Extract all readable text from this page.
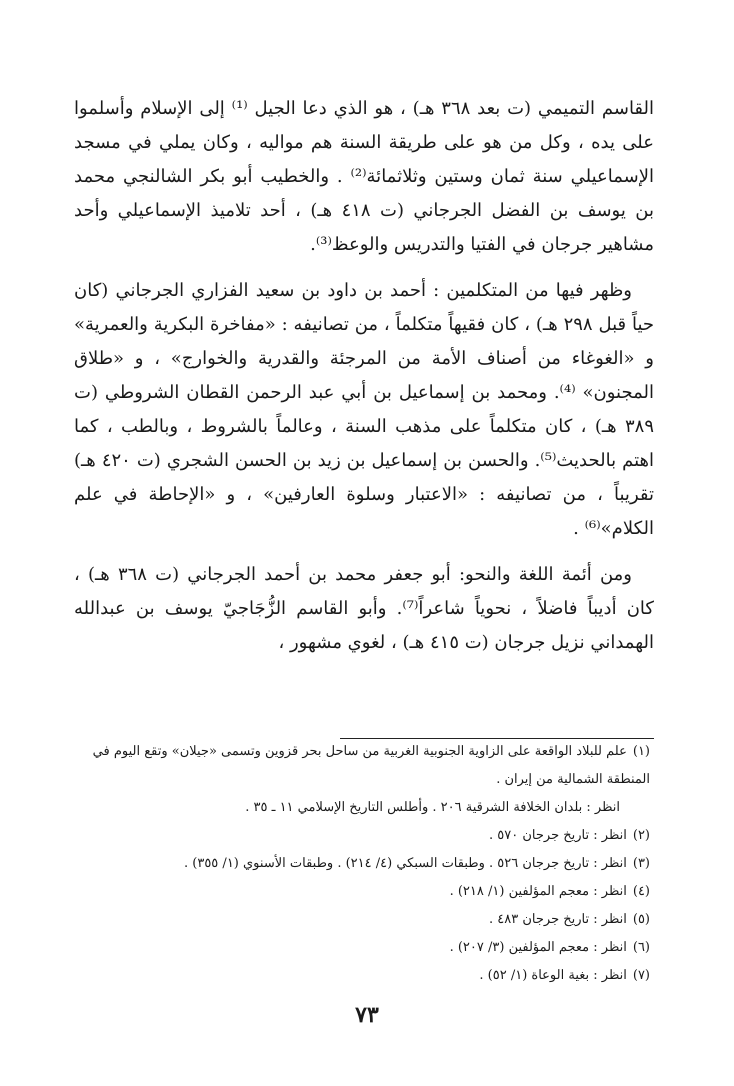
القاسم التميمي (ت بعد ٣٦٨ هـ) ، هو الذي دعا الجيل ⁽¹⁾ إلى الإسلام وأسلموا على يده ، وكل من هو على طريقة السنة هم مواليه ، وكان يملي في مسجد الإسماعيلي سنة ثمان وستين وثلاثمائة⁽²⁾ . والخطيب أبو بكر الشالنجي محمد بن يوسف بن الفضل الجرجاني (ت ٤١٨ هـ) ، أحد تلاميذ الإسماعيلي وأحد مشاهير جرجان في الفتيا والتدريس والوعظ⁽³⁾.

وظهر فيها من المتكلمين : أحمد بن داود بن سعيد الفزاري الجرجاني (كان حياً قبل ٢٩٨ هـ) ، كان فقيهاً متكلماً ، من تصانيفه : «مفاخرة البكرية والعمرية» و «الغوغاء من أصناف الأمة من المرجئة والقدرية والخوارج» ، و «طلاق المجنون» ⁽⁴⁾. ومحمد بن إسماعيل بن أبي عبد الرحمن القطان الشروطي (ت ٣٨٩ هـ) ، كان متكلماً على مذهب السنة ، وعالماً بالشروط ، وبالطب ، كما اهتم بالحديث⁽⁵⁾. والحسن بن إسماعيل بن زيد بن الحسن الشجري (ت ٤٢٠ هـ) تقريباً ، من تصانيفه : «الاعتبار وسلوة العارفين» ، و «الإحاطة في علم الكلام»⁽⁶⁾ .

ومن أئمة اللغة والنحو: أبو جعفر محمد بن أحمد الجرجاني (ت ٣٦٨ هـ) ، كان أديباً فاضلاً ، نحوياً شاعراً⁽⁷⁾. وأبو القاسم الزُّجَاجيّ يوسف بن عبدالله الهمداني نزيل جرجان (ت ٤١٥ هـ) ، لغوي مشهور ،

(١)علم للبلاد الواقعة على الزاوية الجنوبية الغربية من ساحل بحر قزوين وتسمى «جيلان» وتقع اليوم في المنطقة الشمالية من إيران .

انظر : بلدان الخلافة الشرقية ٢٠٦ . وأطلس التاريخ الإسلامي ١١ ـ ٣٥ .

(٢)انظر : تاريخ جرجان ٥٧٠ .

(٣)انظر : تاريخ جرجان ٥٢٦ . وطبقات السبكي (٤/ ٢١٤) . وطبقات الأسنوي (١/ ٣٥٥) .

(٤)انظر : معجم المؤلفين (١/ ٢١٨) .

(٥)انظر : تاريخ جرجان ٤٨٣ .

(٦)انظر : معجم المؤلفين (٣/ ٢٠٧) .

(٧)انظر : بغية الوعاة (١/ ٥٢) .

٧٣
